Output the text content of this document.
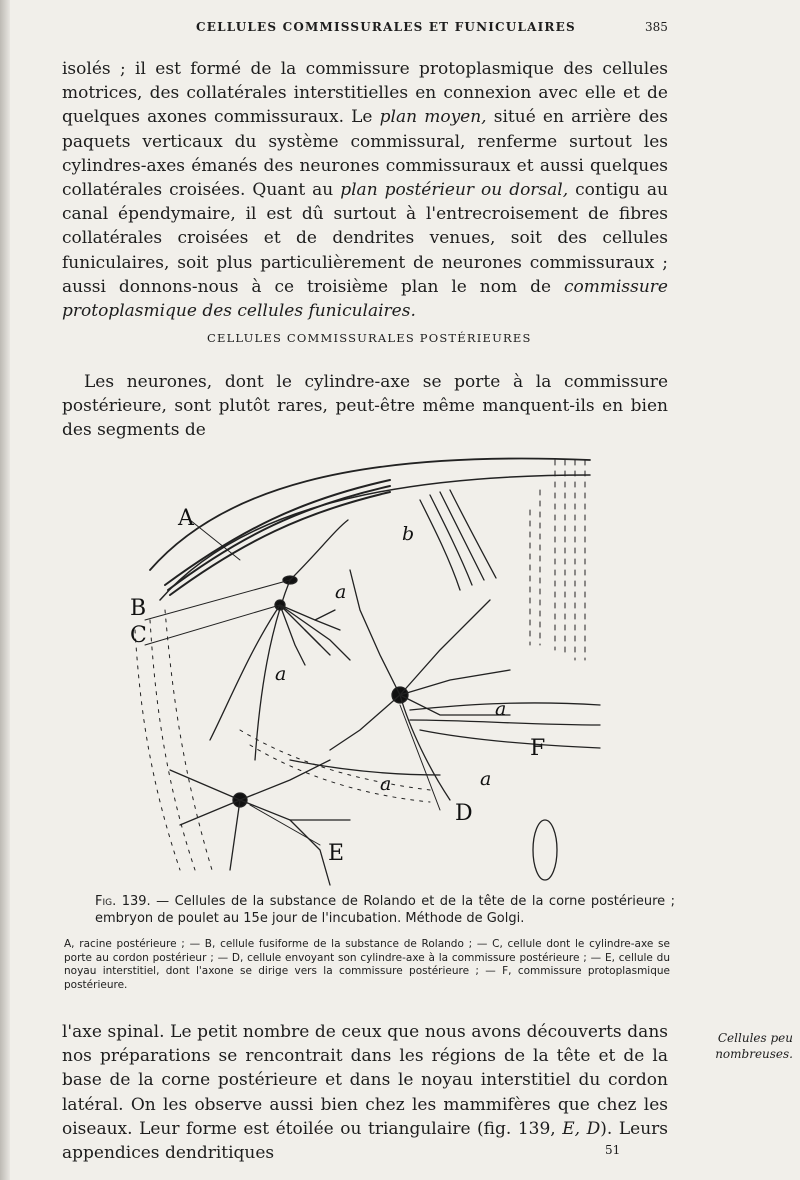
CELLULES COMMISSURALES ET FUNICULAIRES	385
isolés ; il est formé de la commissure protoplasmique des cellules motrices, des collatérales interstitielles en connexion avec elle et de quelques axones commissuraux. Le plan moyen, situé en arrière des paquets verticaux du système commissural, renferme surtout les cylindres-axes émanés des neurones commissuraux et aussi quelques collatérales croisées. Quant au plan postérieur ou dorsal, contigu au canal épendymaire, il est dû surtout à l'entrecroisement de fibres collatérales croisées et de dendrites venues, soit des cellules funiculaires, soit plus particulièrement de neurones commissuraux ; aussi donnons-nous à ce troisième plan le nom de commissure protoplasmique des cellules funiculaires.
CELLULES COMMISSURALES POSTÉRIEURES
Les neurones, dont le cylindre-axe se porte à la commissure postérieure, sont plutôt rares, peut-être même manquent-ils en bien des segments de
A
B
C
D
E
F
a
a
a	a
a
b
Fig. 139. — Cellules de la substance de Rolando et de la tête de la corne postérieure ; embryon de poulet au 15e jour de l'incubation. Méthode de Golgi.
A, racine postérieure ; — B, cellule fusiforme de la substance de Rolando ; — C, cellule dont le cylindre-axe se porte au cordon postérieur ; — D, cellule envoyant son cylindre-axe à la commissure postérieure ; — E, cellule du noyau interstitiel, dont l'axone se dirige vers la commissure postérieure ; — F, commissure protoplasmique postérieure.
l'axe spinal. Le petit nombre de ceux que nous avons découverts dans nos préparations se rencontrait dans les régions de la tête et de la base de la corne postérieure et dans le noyau interstitiel du cordon latéral. On les observe aussi bien chez les mammifères que chez les oiseaux. Leur forme est étoilée ou triangulaire (fig. 139, E, D). Leurs appendices dendritiques
Cellules peu nombreuses.
51
